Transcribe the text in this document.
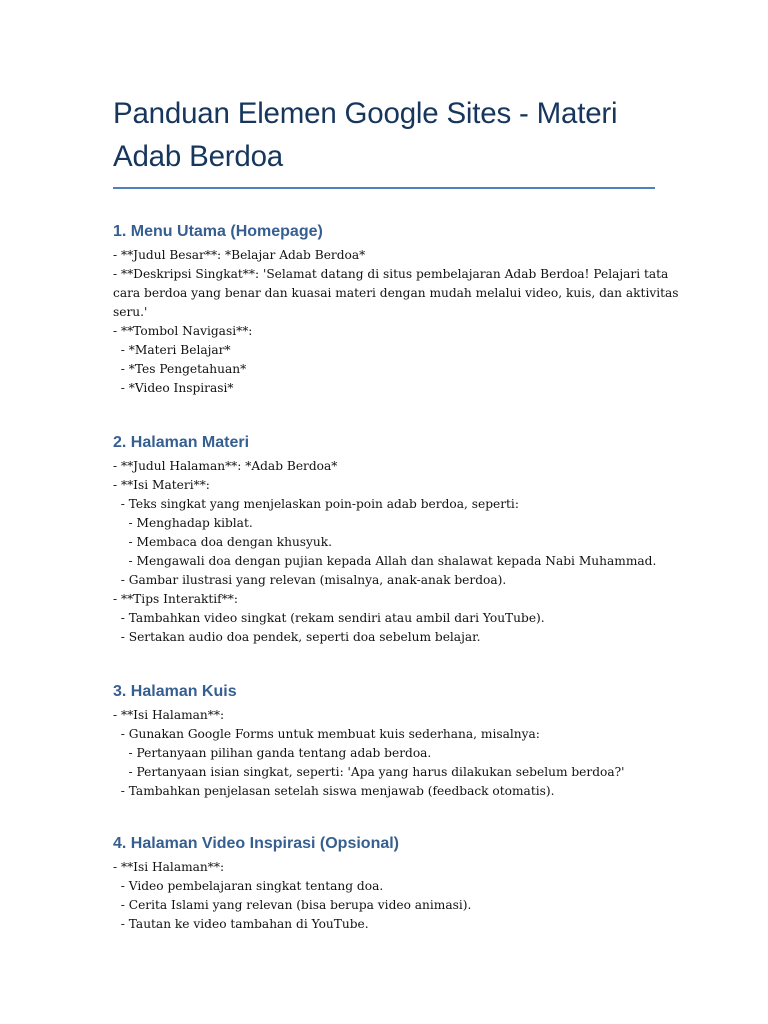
Panduan Elemen Google Sites - Materi
Adab Berdoa
1. Menu Utama (Homepage)
- **Judul Besar**: *Belajar Adab Berdoa*
- **Deskripsi Singkat**: 'Selamat datang di situs pembelajaran Adab Berdoa! Pelajari tata
cara berdoa yang benar dan kuasai materi dengan mudah melalui video, kuis, dan aktivitas
seru.'
- **Tombol Navigasi**:
- *Materi Belajar*
- *Tes Pengetahuan*
- *Video Inspirasi*
2. Halaman Materi
- **Judul Halaman**: *Adab Berdoa*
- **Isi Materi**:
- Teks singkat yang menjelaskan poin-poin adab berdoa, seperti:
- Menghadap kiblat.
- Membaca doa dengan khusyuk.
- Mengawali doa dengan pujian kepada Allah dan shalawat kepada Nabi Muhammad.
- Gambar ilustrasi yang relevan (misalnya, anak-anak berdoa).
- **Tips Interaktif**:
- Tambahkan video singkat (rekam sendiri atau ambil dari YouTube).
- Sertakan audio doa pendek, seperti doa sebelum belajar.
3. Halaman Kuis
- **Isi Halaman**:
- Gunakan Google Forms untuk membuat kuis sederhana, misalnya:
- Pertanyaan pilihan ganda tentang adab berdoa.
- Pertanyaan isian singkat, seperti: 'Apa yang harus dilakukan sebelum berdoa?'
- Tambahkan penjelasan setelah siswa menjawab (feedback otomatis).
4. Halaman Video Inspirasi (Opsional)
- **Isi Halaman**:
- Video pembelajaran singkat tentang doa.
- Cerita Islami yang relevan (bisa berupa video animasi).
- Tautan ke video tambahan di YouTube.
